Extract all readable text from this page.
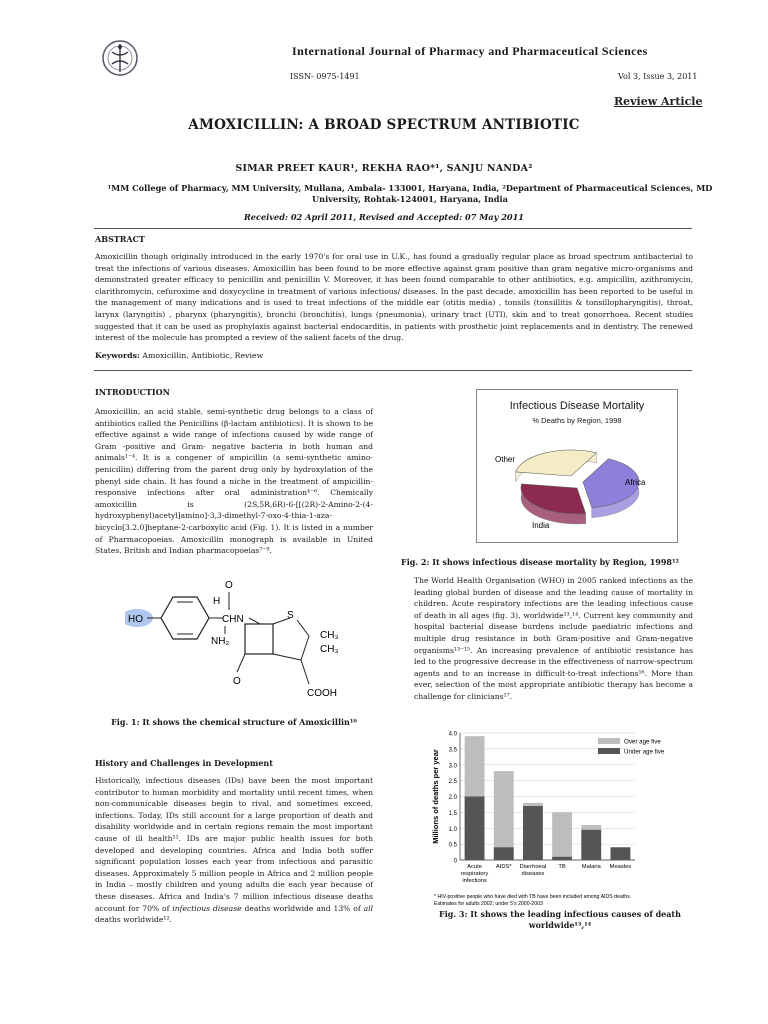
International Journal of Pharmacy and Pharmaceutical Sciences
ISSN- 0975-1491	Vol 3, Issue 3, 2011
Review Article
AMOXICILLIN: A BROAD SPECTRUM ANTIBIOTIC
SIMAR PREET KAUR¹, REKHA RAO*¹, SANJU NANDA²
¹MM College of Pharmacy, MM University, Mullana, Ambala- 133001, Haryana, India, ²Department of Pharmaceutical Sciences, MD University, Rohtak-124001, Haryana, India
Received: 02 April 2011, Revised and Accepted: 07 May 2011
ABSTRACT
Amoxicillin though originally introduced in the early 1970's for oral use in U.K., has found a gradually regular place as broad spectrum antibacterial to treat the infections of various diseases. Amoxicillin has been found to be more effective against gram positive than gram negative micro-organisms and demonstrated greater efficacy to penicillin and penicillin V. Moreover, it has been found comparable to other antibiotics, e.g. ampicillin, azithromycin, clarithromycin, cefuroxime and doxycycline in treatment of various infectious/ diseases. In the past decade, amoxicillin has been reported to be useful in the management of many indications and is used to treat infections of the middle ear (otitis media) , tonsils (tonsillitis & tonsillopharyngitis), throat, larynx (laryngitis) , pharynx (pharyngitis), bronchi (bronchitis), lungs (pneumonia), urinary tract (UTI), skin and to treat gonorrhoea. Recent studies suggested that it can be used as prophylaxis against bacterial endocarditis, in patients with prosthetic joint replacements and in dentistry. The renewed interest of the molecule has prompted a review of the salient facets of the drug.
Keywords: Amoxicillin, Antibiotic, Review
INTRODUCTION
Amoxicillin, an acid stable, semi-synthetic drug belongs to a class of antibiotics called the Penicillins (β-lactam antibiotics). It is shown to be effective against a wide range of infections caused by wide range of Gram -positive and Gram- negative bacteria in both human and animals¹⁻⁴. It is a congener of ampicillin (a semi-synthetic amino-penicillin) differing from the parent drug only by hydroxylation of the phenyl side chain. It has found a niche in the treatment of ampicillin-responsive infections after oral administration⁴⁻⁶. Chemically amoxicillin is (2S,5R,6R)-6-[[(2R)-2-Amino-2-(4-hydroxyphenyl)acetyl]amino]-3,3-dimethyl-7-oxo-4-thia-1-aza-bicyclo[3.2.0]heptane-2-carboxylic acid (Fig. 1). It is listed in a number of Pharmacopoeias. Amoxicillin monograph is available in United States, British and Indian pharmacopoeias⁷⁻⁹.
HO
H
CHN
O
NH₂
S
CH₃
CH₃
O
COOH
Fig. 1: It shows the chemical structure of Amoxicillin¹⁰
History and Challenges in Development
Historically, infectious diseases (IDs) have been the most important contributor to human morbidity and mortality until recent times, when non-communicable diseases begin to rival, and sometimes exceed, infections. Today, IDs still account for a large proportion of death and disability worldwide and in certain regions remain the most important cause of ill health¹¹. IDs are major public health issues for both developed and developing countries. Africa and India both suffer significant population losses each year from infectious and parasitic diseases. Approximately 5 million people in Africa and 2 million people in India – mostly children and young adults die each year because of these diseases. Africa and India's 7 million infectious disease deaths account for 70% of infectious disease deaths worldwide and 13% of all deaths worldwide¹².
Infectious Disease Mortality
% Deaths by Region, 1998
Other
Africa
India
Fig. 2: It shows infectious disease mortality by Region, 1998¹²
The World Health Organisation (WHO) in 2005 ranked infections as the leading global burden of disease and the leading cause of mortality in children. Acute respiratory infections are the leading infectious cause of death in all ages (fig. 3), worldwide¹³,¹⁴. Current key community and hospital bacterial disease burdens include paediatric infections and multiple drug resistance in both Gram-positive and Gram-negative organisms¹³⁻¹⁵. An increasing prevalence of antibiotic resistance has led to the progressive decrease in the effectiveness of narrow-spectrum agents and to an increase in difficult-to-treat infections¹⁶. More than ever, selection of the most appropriate antibiotic therapy has become a challenge for clinicians¹⁷.
Millions of deaths per year
0
0.5
1.0
1.5
2.0
2.5
3.0
3.5
4.0
Acute
respiratory
infections
AIDS* Diarrhoeal
diseases
TB	Malaria Measles
Over age five
Under age five
* HIV-positive people who have died with TB have been included among AIDS deaths.
Estimates for adults 2002; under 5's 2000-2003
Fig. 3: It shows the leading infectious causes of death worldwide¹³,¹⁴
